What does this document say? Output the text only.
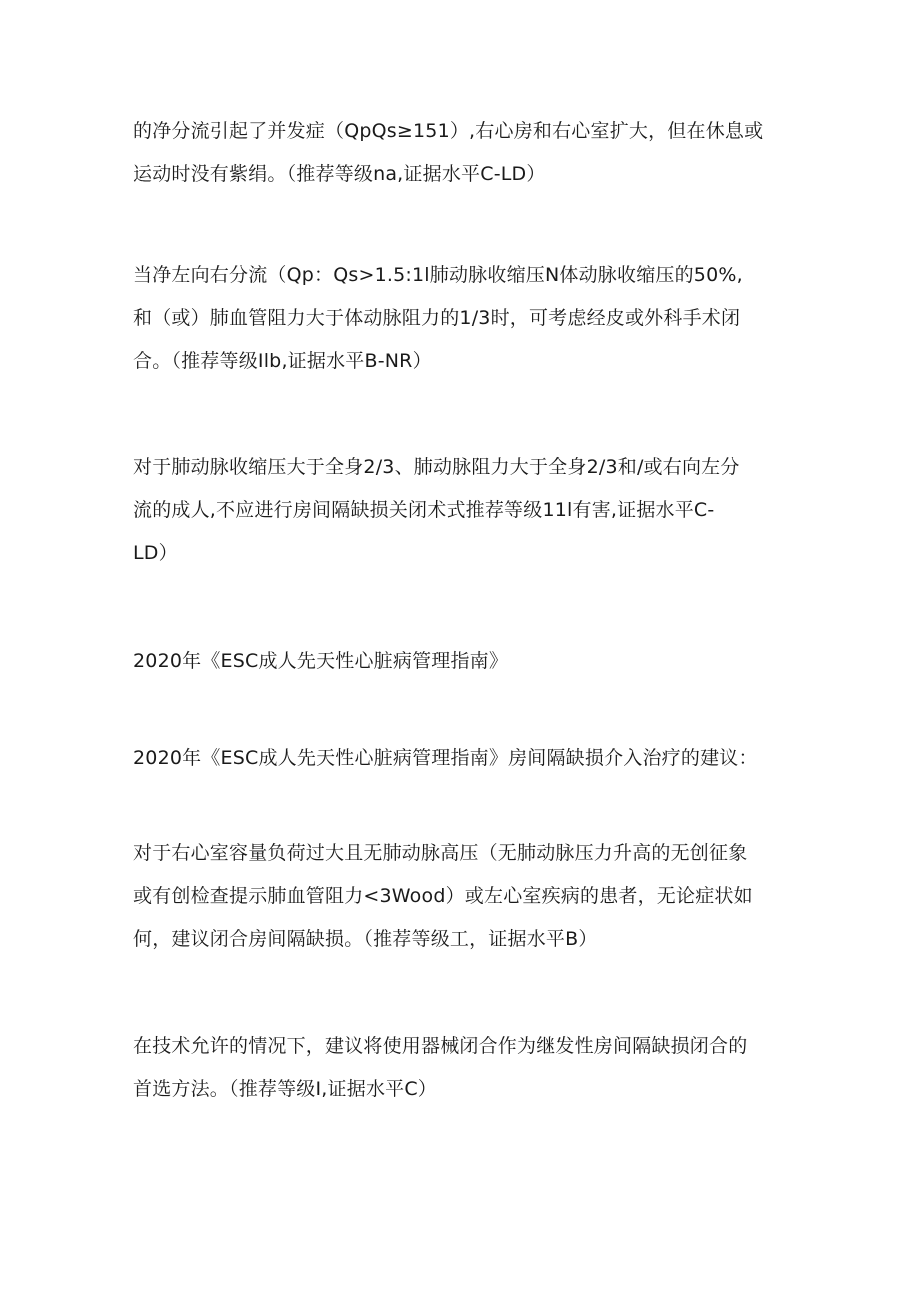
的净分流引起了并发症（QpQs≥151）,右心房和右心室扩大，但在休息或
运动时没有紫绢。（推荐等级na,证据水平C-LD）

当净左向右分流（Qp：Qs>1.5:1l肺动脉收缩压N体动脉收缩压的50%,
和（或）肺血管阻力大于体动脉阻力的1/3时，可考虑经皮或外科手术闭
合。（推荐等级Ilb,证据水平B-NR）

对于肺动脉收缩压大于全身2/3、肺动脉阻力大于全身2/3和/或右向左分
流的成人,不应进行房间隔缺损关闭术式推荐等级11l有害,证据水平C-
LD）

2020年《ESC成人先天性心脏病管理指南》

2020年《ESC成人先天性心脏病管理指南》房间隔缺损介入治疗的建议：

对于右心室容量负荷过大且无肺动脉高压（无肺动脉压力升高的无创征象
或有创检查提示肺血管阻力<3Wood）或左心室疾病的患者，无论症状如
何，建议闭合房间隔缺损。（推荐等级工，证据水平B）

在技术允许的情况下，建议将使用器械闭合作为继发性房间隔缺损闭合的
首选方法。（推荐等级I,证据水平C）
